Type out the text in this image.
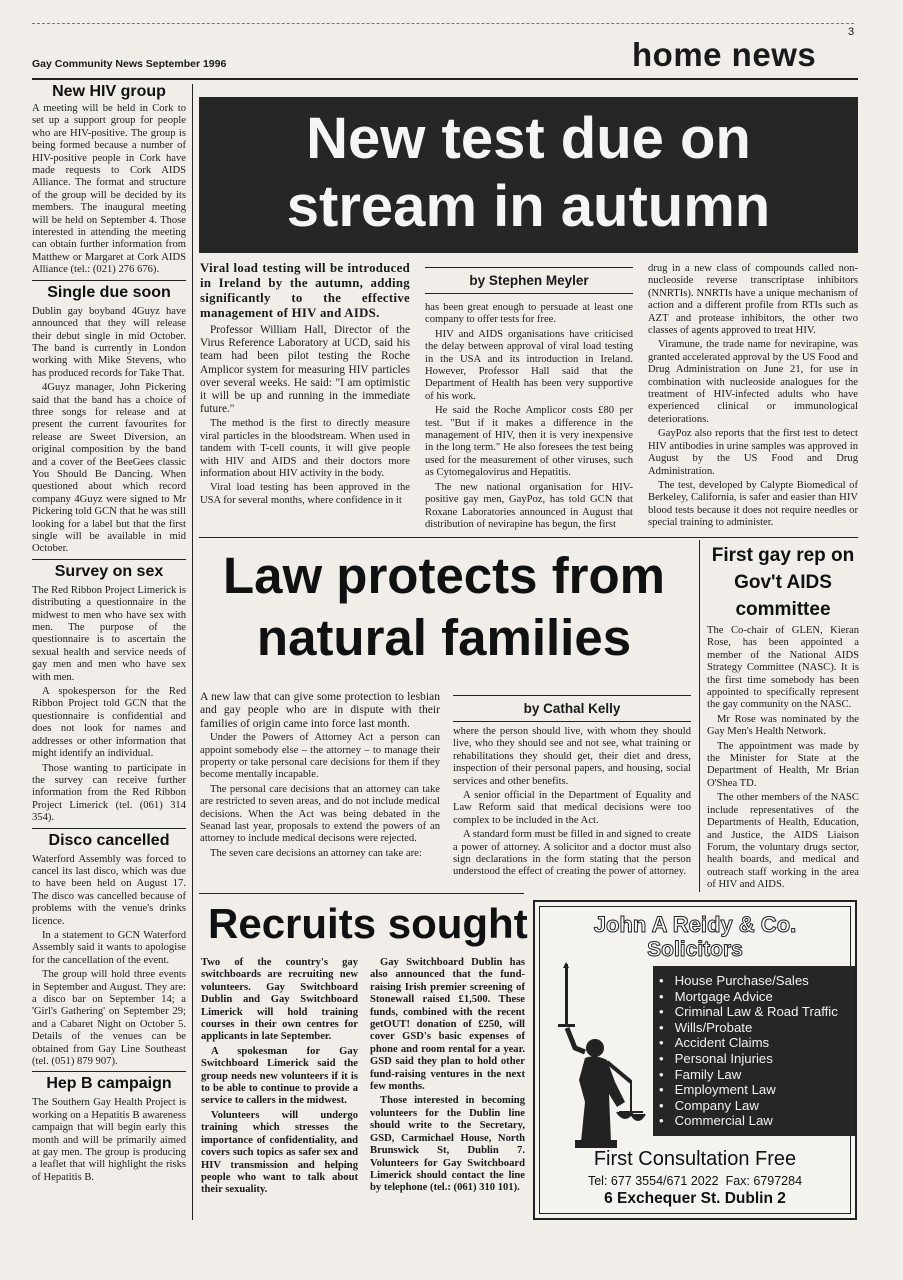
3
Gay Community News September 1996	home news
New HIV group

A meeting will be held in Cork to set up a support group for people who are HIV-positive. The group is being formed because a number of HIV-positive people in Cork have made requests to Cork AIDS Alliance. The format and structure of the group will be decided by its members. The inaugural meeting will be held on September 4. Those interested in attending the meeting can obtain further information from Matthew or Margaret at Cork AIDS Alliance (tel.: (021) 276 676).

Single due soon

Dublin gay boyband 4Guyz have announced that they will release their debut single in mid October. The band is currently in London working with Mike Stevens, who has produced records for Take That.

4Guyz manager, John Pickering said that the band has a choice of three songs for release and at present the current favourites for release are Sweet Diversion, an original composition by the band and a cover of the BeeGees classic You Should Be Dancing. When questioned about which record company 4Guyz were signed to Mr Pickering told GCN that he was still looking for a label but that the first single will be available in mid October.

Survey on sex

The Red Ribbon Project Limerick is distributing a questionnaire in the midwest to men who have sex with men. The purpose of the questionnaire is to ascertain the sexual health and service needs of gay men and men who have sex with men.

A spokesperson for the Red Ribbon Project told GCN that the questionnaire is confidential and does not look for names and addresses or other information that might identify an individual.

Those wanting to participate in the survey can receive further information from the Red Ribbon Project Limerick (tel. (061) 314 354).

Disco cancelled

Waterford Assembly was forced to cancel its last disco, which was due to have been held on August 17. The disco was cancelled because of problems with the venue's drinks licence.

In a statement to GCN Waterford Assembly said it wants to apologise for the cancellation of the event.

The group will hold three events in September and August. They are: a disco bar on September 14; a 'Girl's Gathering' on September 29; and a Cabaret Night on October 5. Details of the venues can be obtained from Gay Line Southeast (tel. (051) 879 907).

Hep B campaign

The Southern Gay Health Project is working on a Hepatitis B awareness campaign that will begin early this month and will be primarily aimed at gay men. The group is producing a leaflet that will highlight the risks of Hepatitis B.

New test due on
stream in autumn

Viral load testing will be introduced in Ireland by the autumn, adding significantly to the effective management of HIV and AIDS.

Professor William Hall, Director of the Virus Reference Laboratory at UCD, said his team had been pilot testing the Roche Amplicor system for measuring HIV particles over several weeks. He said: "I am optimistic it will be up and running in the immediate future."

The method is the first to directly measure viral particles in the bloodstream. When used in tandem with T-cell counts, it will give people with HIV and AIDS and their doctors more information about HIV activity in the body.

Viral load testing has been approved in the USA for several months, where confidence in it

by Stephen Meyler

has been great enough to persuade at least one company to offer tests for free.

HIV and AIDS organisations have criticised the delay between approval of viral load testing in the USA and its introduction in Ireland. However, Professor Hall said that the Department of Health has been very supportive of his work.

He said the Roche Amplicor costs £80 per test. "But if it makes a difference in the management of HIV, then it is very inexpensive in the long term." He also foresees the test being used for the measurement of other viruses, such as Cytomegalovirus and Hepatitis.

The new national organisation for HIV-positive gay men, GayPoz, has told GCN that Roxane Laboratories announced in August that distribution of nevirapine has begun, the first

drug in a new class of compounds called non-nucleoside reverse transcriptase inhibitors (NNRTIs). NNRTIs have a unique mechanism of action and a different profile from RTIs such as AZT and protease inhibitors, the other two classes of agents approved to treat HIV.

Viramune, the trade name for nevirapine, was granted accelerated approval by the US Food and Drug Administration on June 21, for use in combination with nucleoside analogues for the treatment of HIV-infected adults who have experienced clinical or immunological deteriorations.

GayPoz also reports that the first test to detect HIV antibodies in urine samples was approved in August by the US Food and Drug Administration.

The test, developed by Calypte Biomedical of Berkeley, California, is safer and easier than HIV blood tests because it does not require needles or special training to administer.

Law protects from
natural families

A new law that can give some protection to lesbian and gay people who are in dispute with their families of origin came into force last month.

Under the Powers of Attorney Act a person can appoint somebody else – the attorney – to manage their property or take personal care decisions for them if they become mentally incapable.

The personal care decisions that an attorney can take are restricted to seven areas, and do not include medical decisions. When the Act was being debated in the Seanad last year, proposals to extend the powers of an attorney to include medical decisons were rejected.

The seven care decisions an attorney can take are:

by Cathal Kelly

where the person should live, with whom they should live, who they should see and not see, what training or rehabilitations they should get, their diet and dress, inspection of their personal papers, and housing, social services and other benefits.

A senior official in the Department of Equality and Law Reform said that medical decisions were too complex to be included in the Act.

A standard form must be filled in and signed to create a power of attorney. A solicitor and a doctor must also sign declarations in the form stating that the person understood the effect of creating the power of attorney.

First gay rep on Gov't AIDS committee

The Co-chair of GLEN, Kieran Rose, has been appointed a member of the National AIDS Strategy Committee (NASC). It is the first time somebody has been appointed to specifically represent the gay community on the NASC.

Mr Rose was nominated by the Gay Men's Health Network.

The appointment was made by the Minister for State at the Department of Health, Mr Brian O'Shea TD.

The other members of the NASC include representatives of the Departments of Health, Education, and Justice, the AIDS Liaison Forum, the voluntary drugs sector, health boards, and medical and outreach staff working in the area of HIV and AIDS.

Recruits sought

Two of the country's gay switchboards are recruiting new volunteers. Gay Switchboard Dublin and Gay Switchboard Limerick will hold training courses in their own centres for applicants in late September.

A spokesman for Gay Switchboard Limerick said the group needs new volunteers if it is to be able to continue to provide a service to callers in the midwest.

Volunteers will undergo training which stresses the importance of confidentiality, and covers such topics as safer sex and HIV transmission and helping people who want to talk about their sexuality.

Gay Switchboard Dublin has also announced that the fund-raising Irish premier screening of Stonewall raised £1,500. These funds, combined with the recent getOUT! donation of £250, will cover GSD's basic expenses of phone and room rental for a year. GSD said they plan to hold other fund-raising ventures in the next few months.

Those interested in becoming volunteers for the Dublin line should write to the Secretary, GSD, Carmichael House, North Brunswick St, Dublin 7. Volunteers for Gay Switchboard Limerick should contact the line by telephone (tel.: (061) 310 101).

John A Reidy & Co.
Solicitors
•   House Purchase/Sales
•   Mortgage Advice
•   Criminal Law & Road Traffic
•   Wills/Probate
•   Accident Claims
•   Personal Injuries
•   Family Law
•   Employment Law
•   Company Law
•   Commercial Law
First Consultation Free
Tel: 677 3554/671 2022  Fax: 6797284
6 Exchequer St. Dublin 2
